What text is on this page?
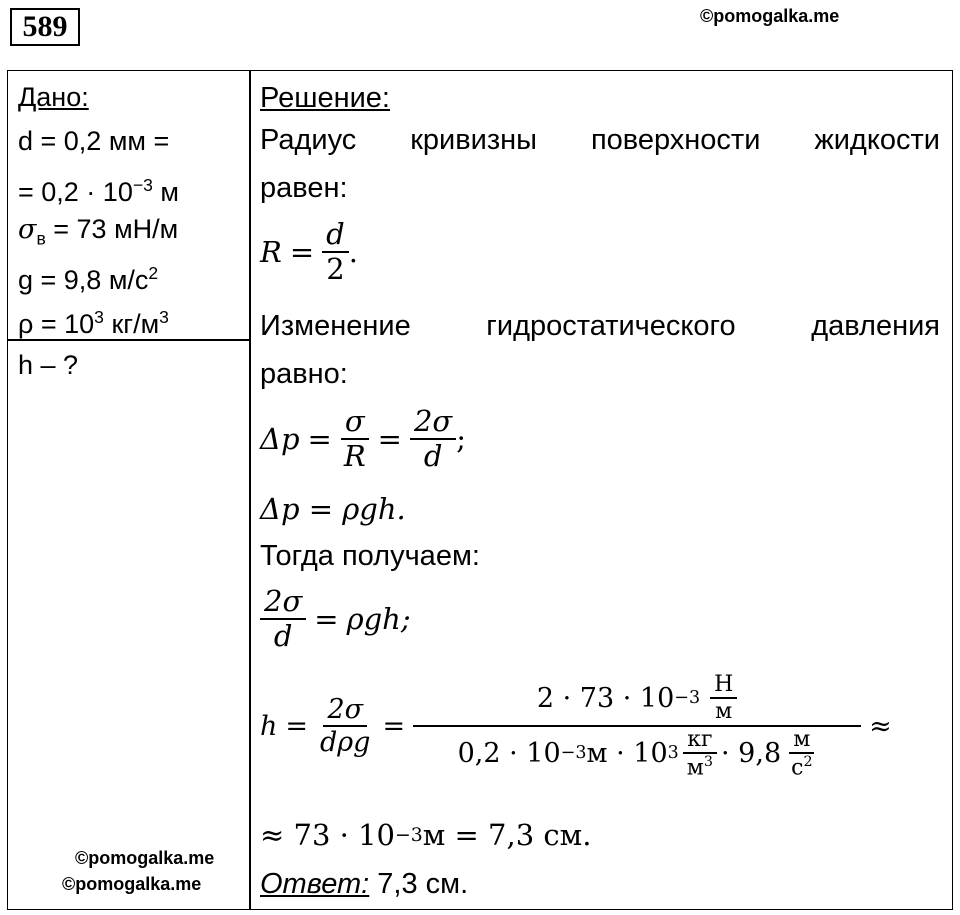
589	©pomogalka.me
Дано:
d = 0,2 мм =
= $0,2 \cdot 10^{-3}$ м
$\sigma_в = 73$ мН/м
g = 9,8 $м/с^2$
$\rho = 10^3$ $кг/м^3$
h – ?
Решение:
Радиус кривизны поверхности жидкости
равен:
$R = \frac{d}{2}$ .
Изменение	гидростатического	давления
равно:
$\Delta p = \frac{\sigma}{R} = \frac{2\sigma}{d}$ ;
Δp = ρgh.
Тогда получаем:
$\frac{2\sigma}{d} = \rho gh$;
$h = \frac{2\sigma}{\text{dρg}}$ =
$2 \cdot 73 \cdot 10 -3 \frac{Н}{м}$
0,2 · 10 −3 м · 10 $3 \frac{кг}{м^3} \cdot 9,8 \frac{м}{с^2}$
≈
≈ 73 · 10 −3 м = 7,3 см.
Ответ: 7,3 см.
©pomogalka.me
©pomogalka.me
